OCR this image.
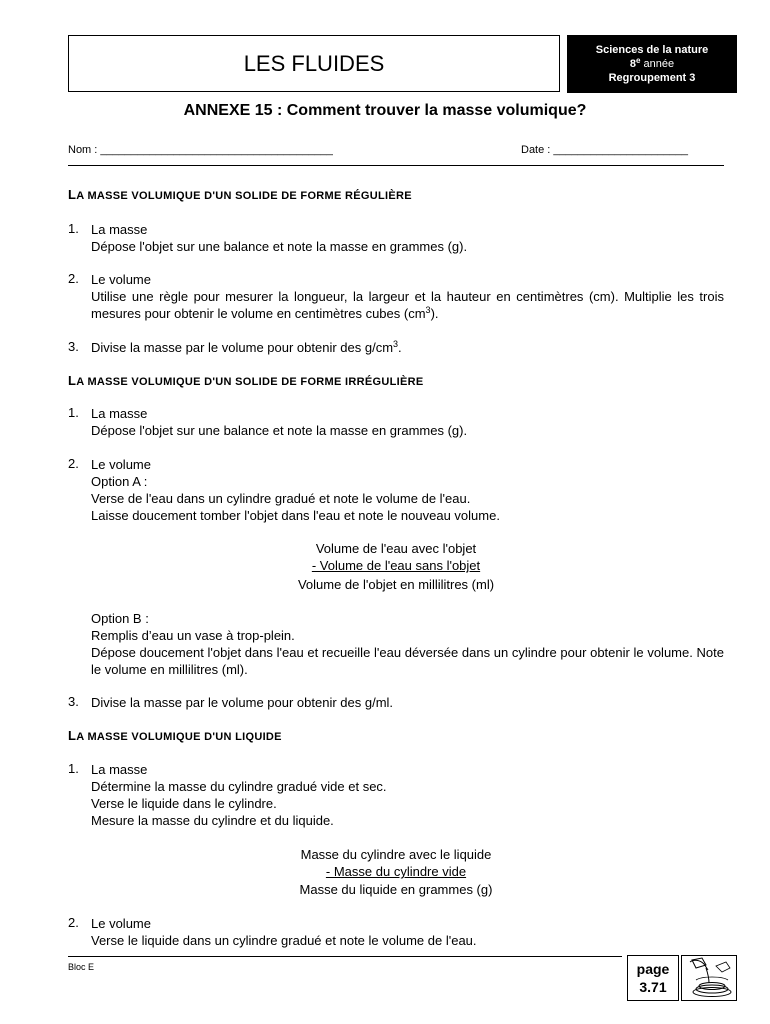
LES FLUIDES
Sciences de la nature
8e année
Regroupement 3
ANNEXE 15 : Comment trouver la masse volumique?
Nom : ______________________________________	Date : ______________________
LA MASSE VOLUMIQUE D'UN SOLIDE DE FORME RÉGULIÈRE
1. La masse
Dépose l'objet sur une balance et note la masse en grammes (g).
2. Le volume
Utilise une règle pour mesurer la longueur, la largeur et la hauteur en centimètres (cm). Multiplie les trois mesures pour obtenir le volume en centimètres cubes $(cm^3)$.
3. Divise la masse par le volume pour obtenir des $g/cm^3$.
LA MASSE VOLUMIQUE D'UN SOLIDE DE FORME IRRÉGULIÈRE
1. La masse
Dépose l'objet sur une balance et note la masse en grammes (g).
2. Le volume
Option A :
Verse de l'eau dans un cylindre gradué et note le volume de l'eau.
Laisse doucement tomber l'objet dans l'eau et note le nouveau volume.
Volume de l'eau avec l'objet
- Volume de l'eau sans l'objet
Volume de l'objet en millilitres (ml)
Option B :
Remplis d’eau un vase à trop-plein.
Dépose doucement l'objet dans l'eau et recueille l'eau déversée dans un cylindre pour obtenir le volume. Note le volume en millilitres (ml).
3. Divise la masse par le volume pour obtenir des g/ml.
LA MASSE VOLUMIQUE D'UN LIQUIDE
1. La masse
Détermine la masse du cylindre gradué vide et sec.
Verse le liquide dans le cylindre.
Mesure la masse du cylindre et du liquide.
Masse du cylindre avec le liquide
- Masse du cylindre vide
Masse du liquide en grammes (g)
2. Le volume
Verse le liquide dans un cylindre gradué et note le volume de l'eau.
Bloc E	page
3.71
